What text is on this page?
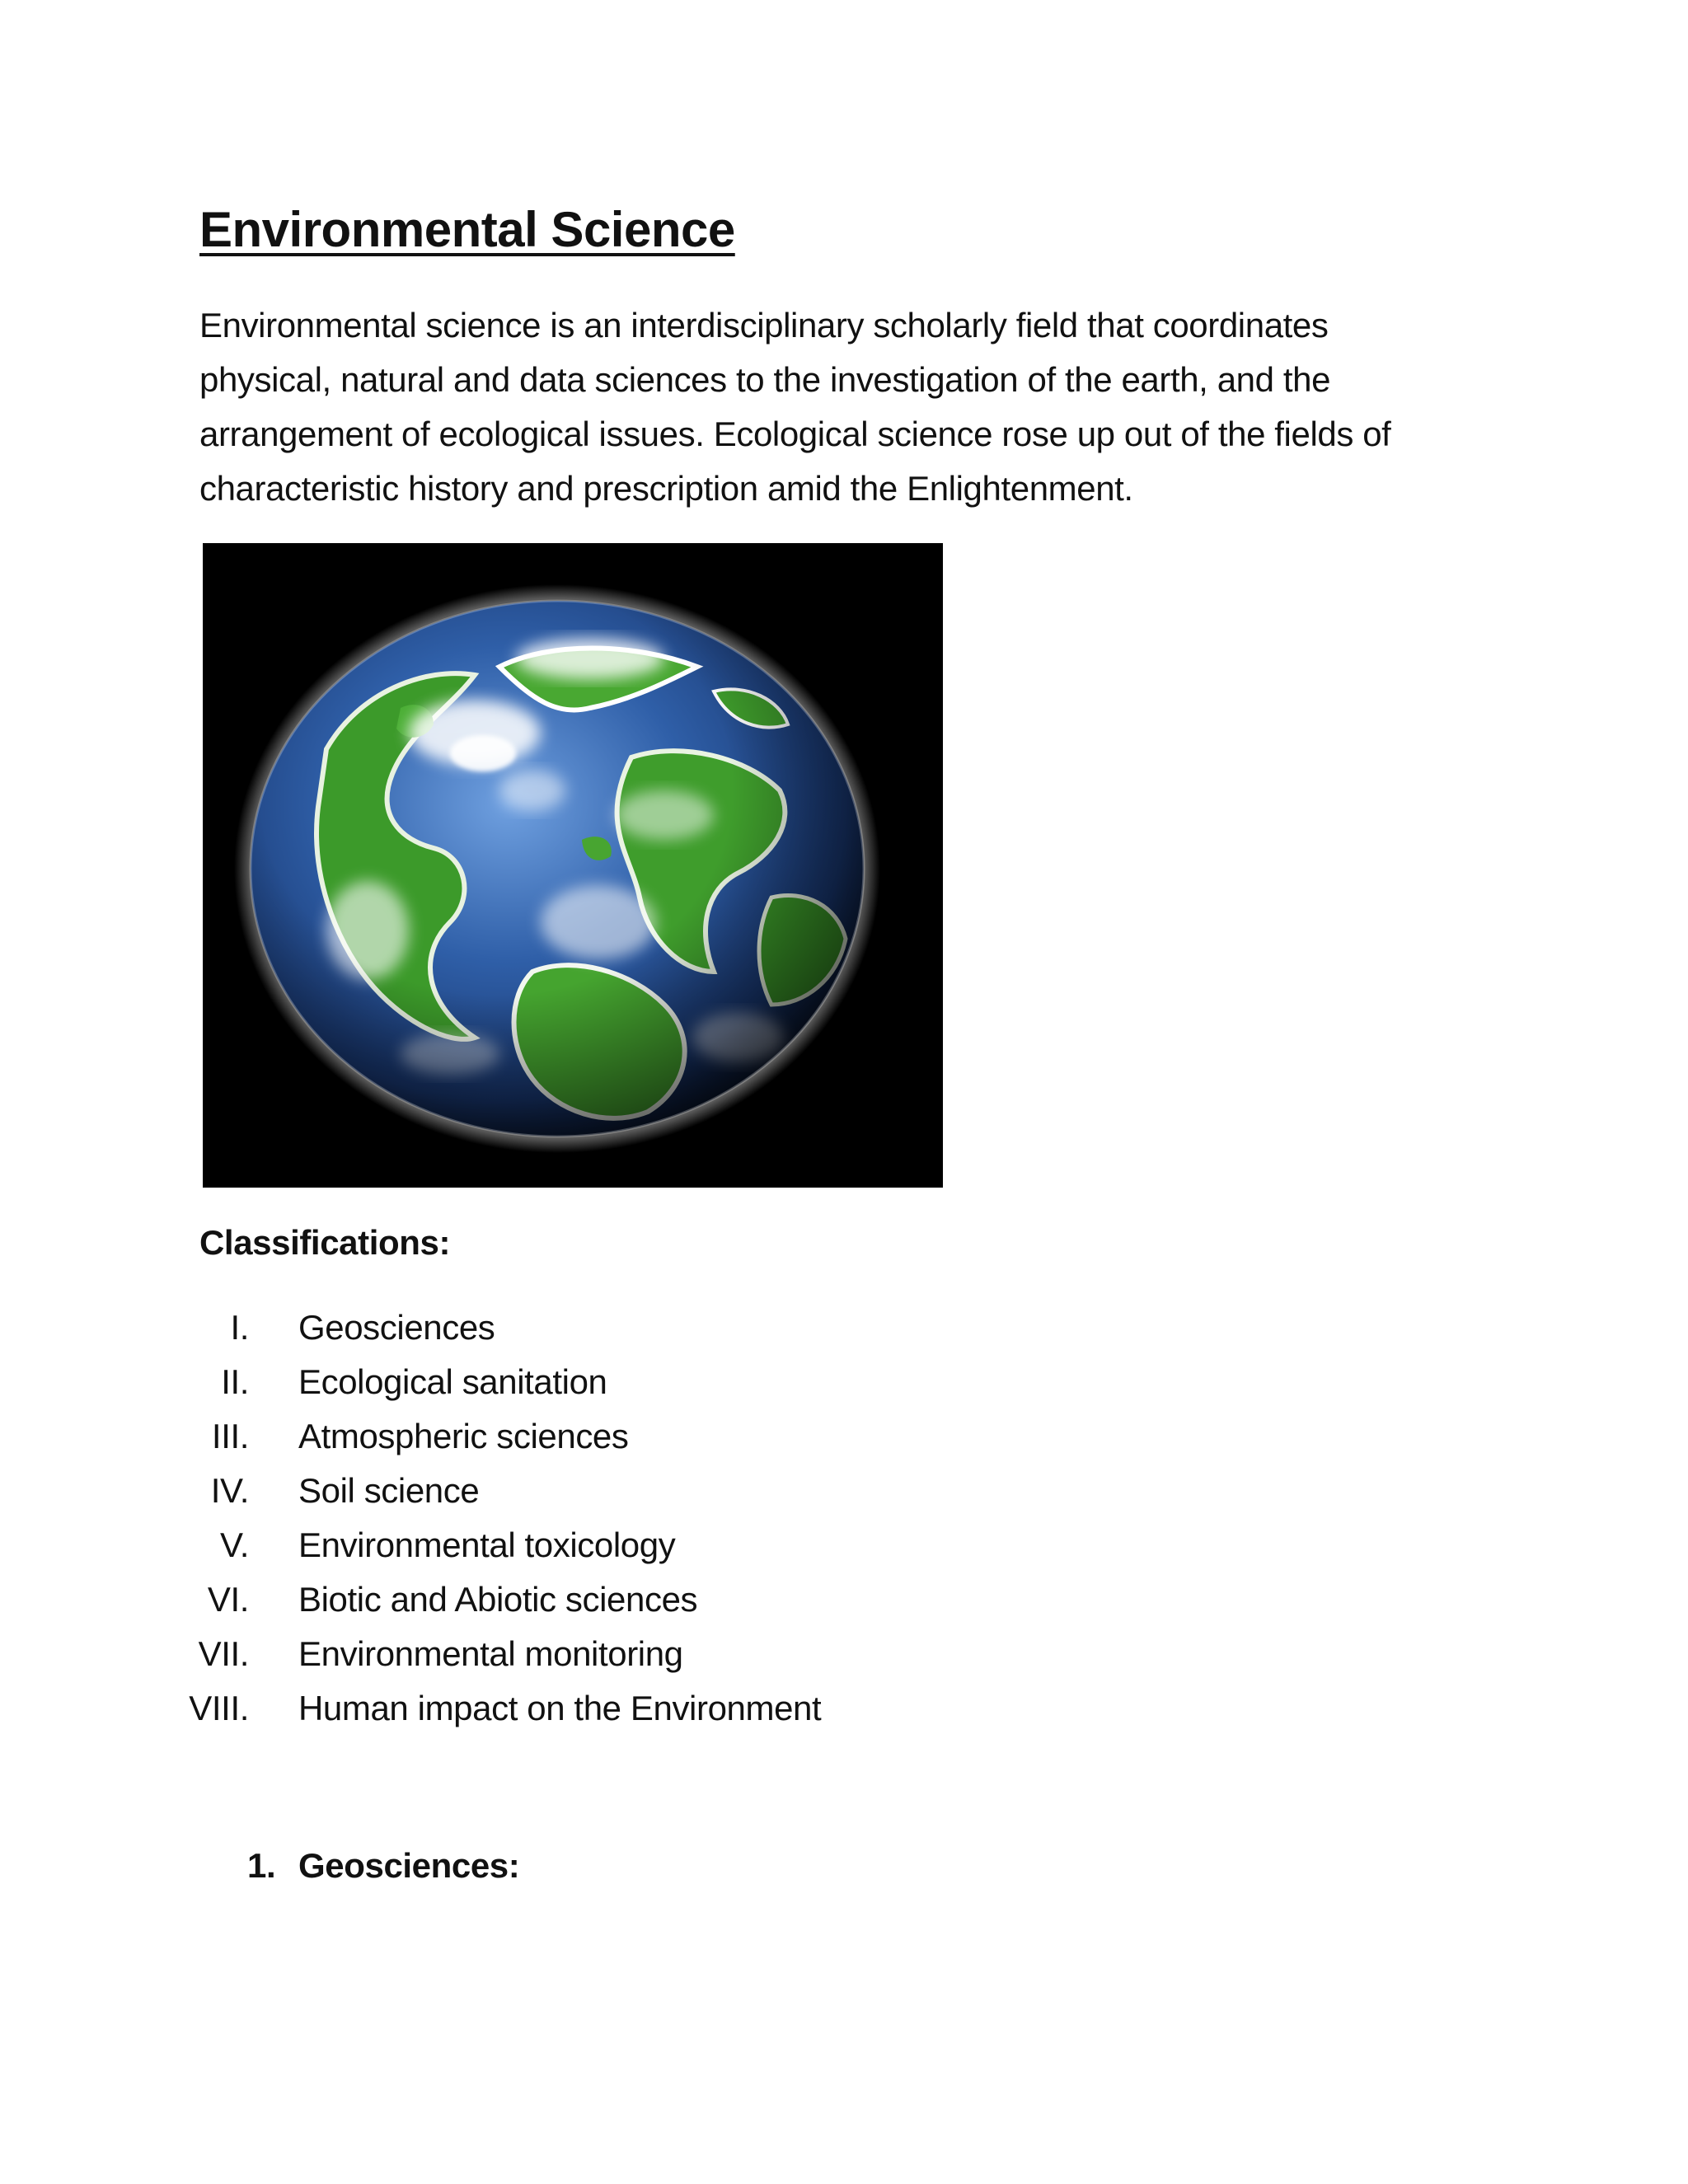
Environmental Science

Environmental science is an interdisciplinary scholarly field that coordinates
physical, natural and data sciences to the investigation of the earth, and the
arrangement of ecological issues. Ecological science rose up out of the fields of
characteristic history and prescription amid the Enlightenment.

Classifications:
I. Geosciences
II. Ecological sanitation
III. Atmospheric sciences
IV. Soil science
V. Environmental toxicology
VI. Biotic and Abiotic sciences
VII. Environmental monitoring
VIII. Human impact on the Environment
1. Geosciences:
